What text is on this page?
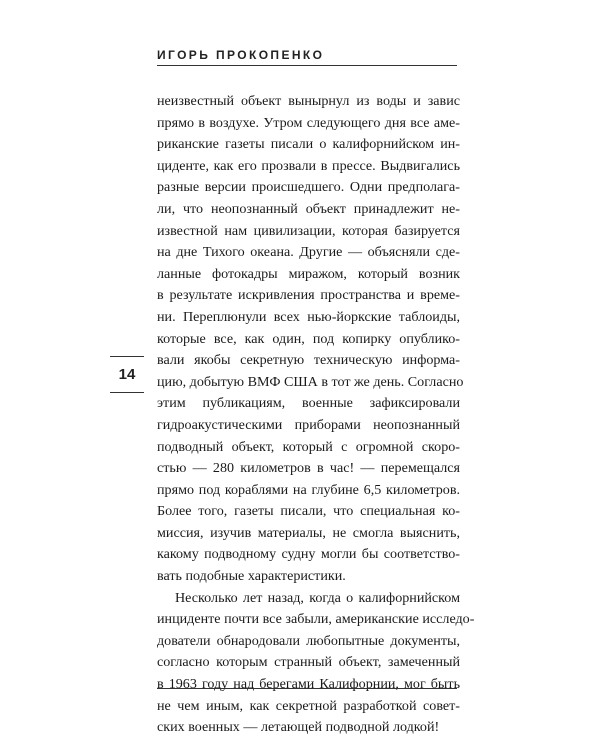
ИГОРЬ ПРОКОПЕНКО
14
неизвестный объект вынырнул из воды и завис
прямо в воздухе. Утром следующего дня все аме-
риканские газеты писали о калифорнийском ин-
циденте, как его прозвали в прессе. Выдвигались
разные версии происшедшего. Одни предполага-
ли, что неопознанный объект принадлежит не-
известной нам цивилизации, которая базируется
на дне Тихого океана. Другие — объясняли сде-
ланные фотокадры миражом, который возник
в результате искривления пространства и време-
ни. Переплюнули всех нью-йоркские таблоиды,
которые все, как один, под копирку опублико-
вали якобы секретную техническую информа-
цию, добытую ВМФ США в тот же день. Согласно
этим публикациям, военные зафиксировали
гидроакустическими приборами неопознанный
подводный объект, который с огромной скоро-
стью — 280 километров в час! — перемещался
прямо под кораблями на глубине 6,5 километров.
Более того, газеты писали, что специальная ко-
миссия, изучив материалы, не смогла выяснить,
какому подводному судну могли бы соответство-
вать подобные характеристики.
Несколько лет назад, когда о калифорнийском
инциденте почти все забыли, американские исследо-
дователи обнародовали любопытные документы,
согласно которым странный объект, замеченный
в 1963 году над берегами Калифорнии, мог быть
не чем иным, как секретной разработкой совет-
ских военных — летающей подводной лодкой!
